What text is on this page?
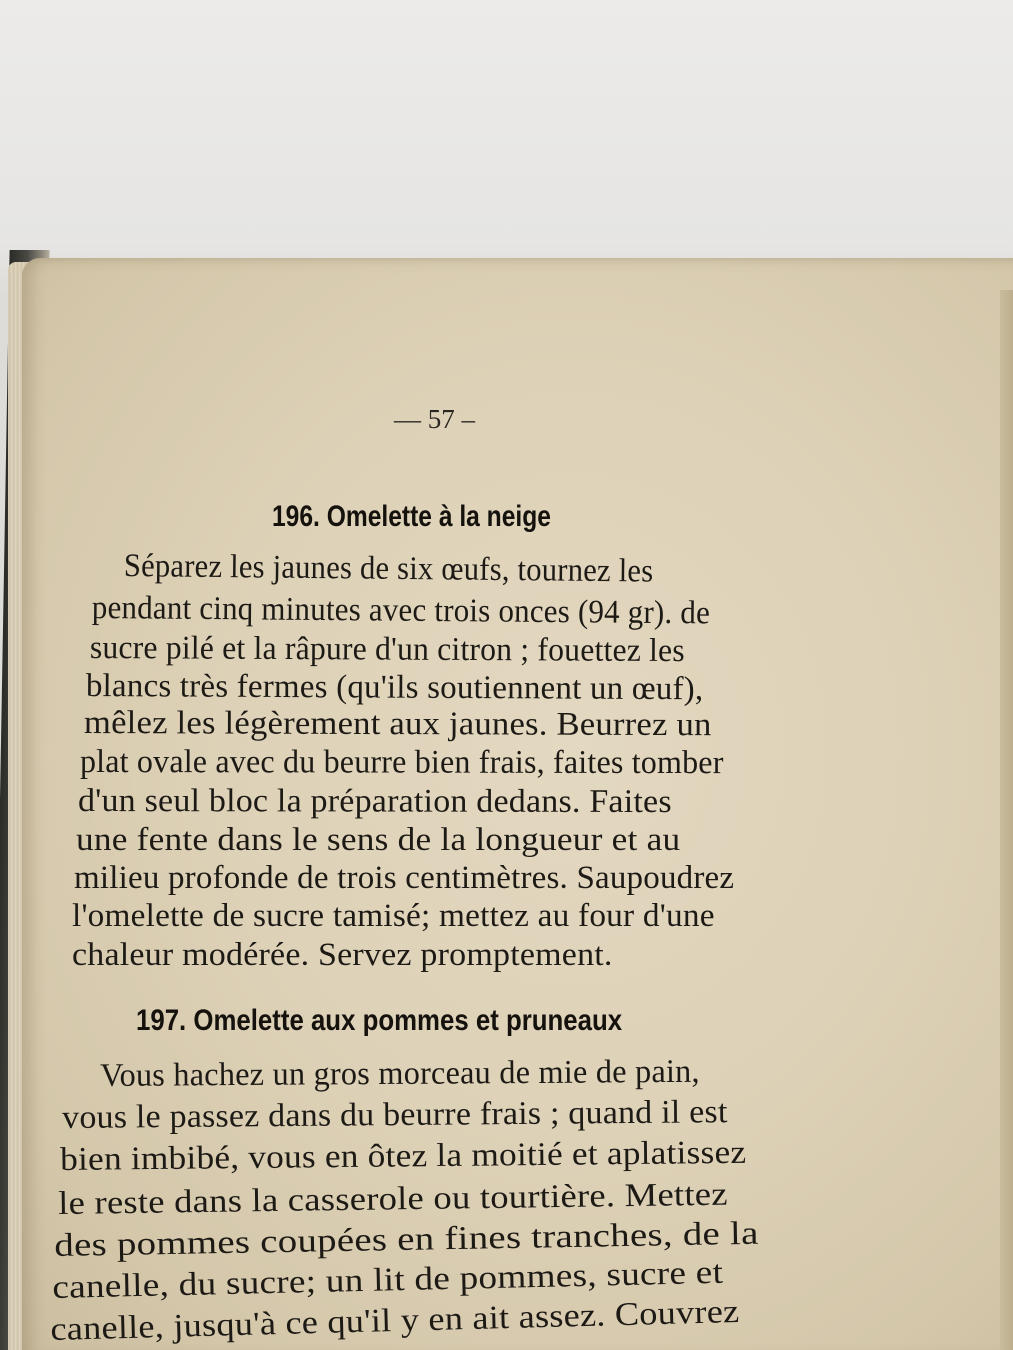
— 57 –
196. Omelette à la neige
Séparez les jaunes de six œufs, tournez les
pendant cinq minutes avec trois onces (94 gr). de
sucre pilé et la râpure d'un citron ; fouettez les
blancs très fermes (qu'ils soutiennent un œuf),
mêlez les légèrement aux jaunes. Beurrez un
plat ovale avec du beurre bien frais, faites tomber
d'un seul bloc la préparation dedans. Faites
une fente dans le sens de la longueur et au
milieu profonde de trois centimètres. Saupoudrez
l'omelette de sucre tamisé; mettez au four d'une
chaleur modérée. Servez promptement.
197. Omelette aux pommes et pruneaux
Vous hachez un gros morceau de mie de pain,
vous le passez dans du beurre frais ; quand il est
bien imbibé, vous en ôtez la moitié et aplatissez
le reste dans la casserole ou tourtière. Mettez
des pommes coupées en fines tranches, de la
canelle, du sucre; un lit de pommes, sucre et
canelle, jusqu'à ce qu'il y en ait assez. Couvrez
